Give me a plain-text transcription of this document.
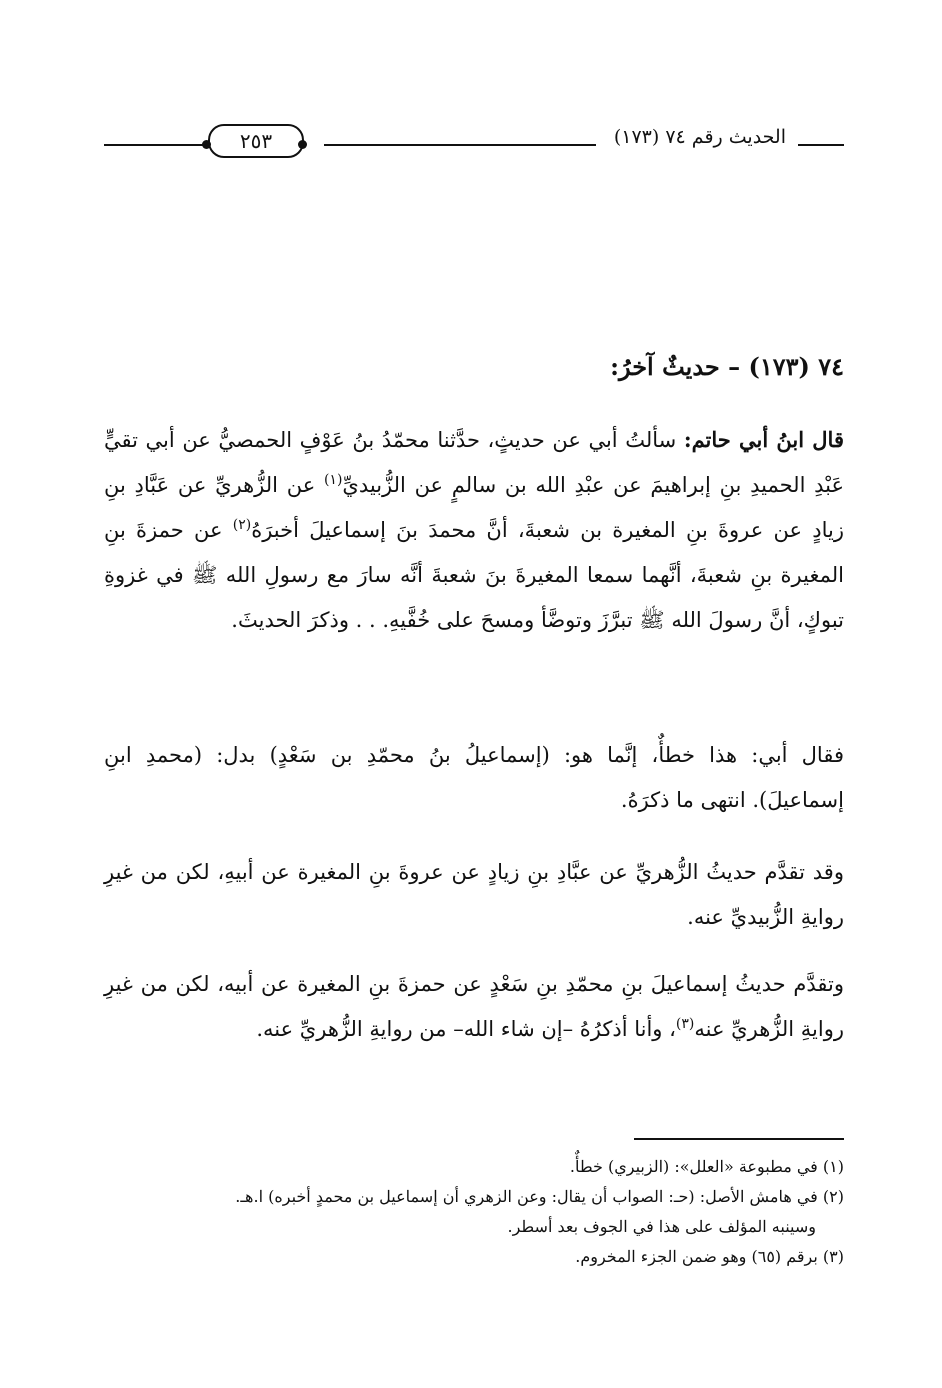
الحديث رقم ٧٤ (١٧٣)
٢٥٣
٧٤ (١٧٣) – حديثٌ آخرُ:
قال ابنُ أبي حاتم: سألتُ أبي عن حديثٍ، حدَّثنا محمّدُ بنُ عَوْفٍ الحمصيُّ عن أبي تقيٍّ عَبْدِ الحميدِ بنِ إبراهيمَ عن عبْدِ الله بن سالمٍ عن الزُّبيديِّ$^{(١)}$ عن الزُّهريِّ عن عَبَّادِ بنِ زيادٍ عن عروةَ بنِ المغيرة بن شعبةَ، أنَّ محمدَ بنَ إسماعيلَ أخبرَهُ$^{(٢)}$ عن حمزةَ بنِ المغيرة بنِ شعبةَ، أنَّهما سمعا المغيرةَ بنَ شعبةَ أنَّه سارَ مع رسولِ الله ﷺ في غزوةِ تبوكٍ، أنَّ رسولَ الله ﷺ تبرَّزَ وتوضَّأ ومسحَ على خُفَّيهِ. . . وذكرَ الحديثَ.
فقال أبي: هذا خطأٌ، إنَّما هو: (إسماعيلُ بنُ محمّدِ بن سَعْدٍ) بدل: (محمدِ ابنِ إسماعيلَ). انتهى ما ذكرَهُ.
وقد تقدَّم حديثُ الزُّهريِّ عن عبَّادِ بنِ زيادٍ عن عروةَ بنِ المغيرة عن أبيهِ، لكن من غيرِ روايةِ الزُّبيديِّ عنه.
وتقدَّم حديثُ إسماعيلَ بنِ محمّدِ بنِ سَعْدٍ عن حمزةَ بنِ المغيرة عن أبيه، لكن من غيرِ روايةِ الزُّهريِّ عنه$^{(٣)}$، وأنا أذكرُهُ –إن شاء الله– من روايةِ الزُّهريِّ عنه.
(١) في مطبوعة «العلل»: (الزبيري) خطأٌ.
(٢) في هامش الأصل: (حـ: الصواب أن يقال: وعن الزهري أن إسماعيل بن محمدٍ أخبره) ا.هـ.
وسينبه المؤلف على هذا في الجوف بعد أسطر.
(٣) برقم (٦٥) وهو ضمن الجزء المخروم.
